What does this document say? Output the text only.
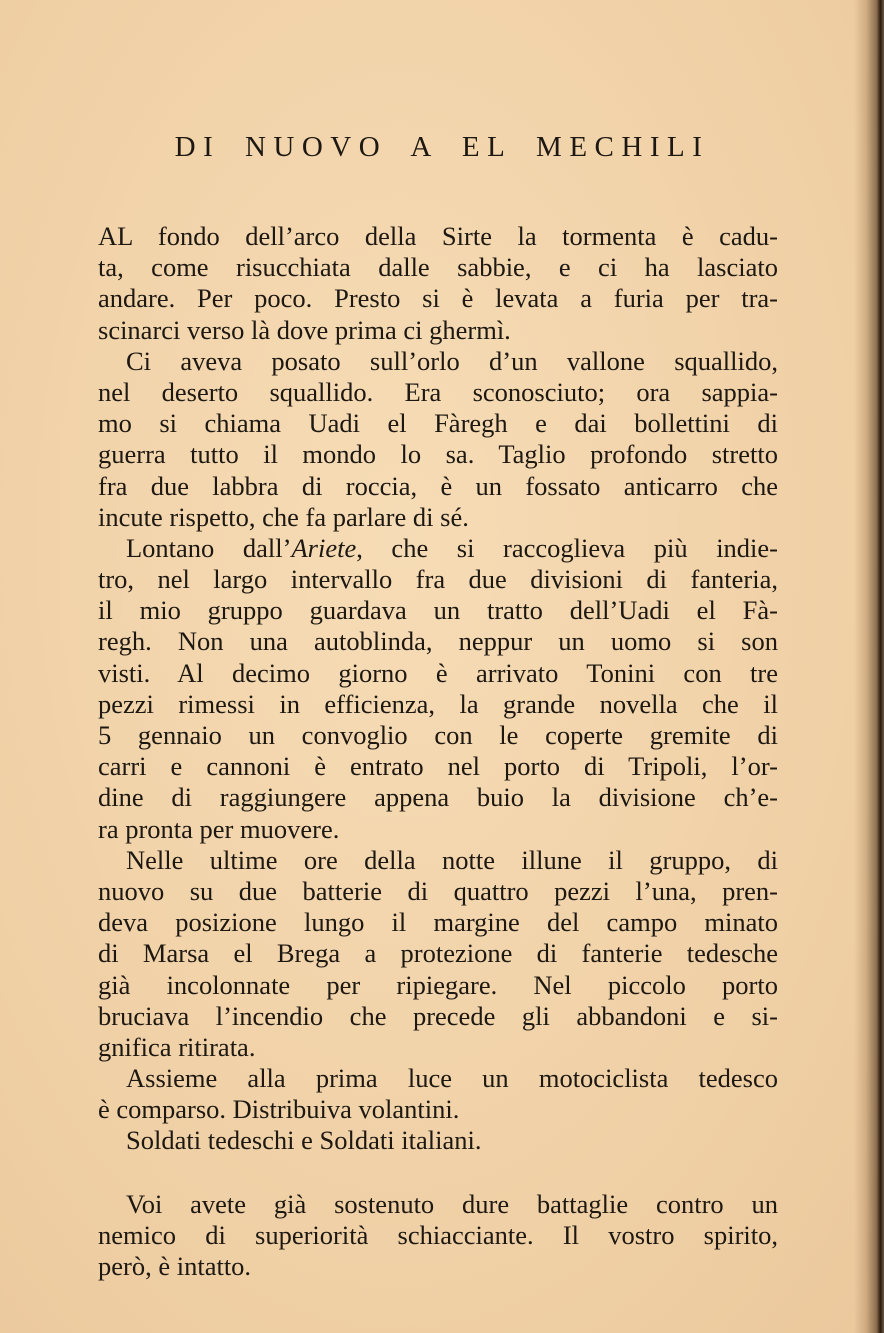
DI NUOVO A EL MECHILI
AL fondo dell’arco della Sirte la tormenta è cadu-
ta, come risucchiata dalle sabbie, e ci ha lasciato
andare. Per poco. Presto si è levata a furia per tra-
scinarci verso là dove prima ci ghermì.
Ci aveva posato sull’orlo d’un vallone squallido,
nel deserto squallido. Era sconosciuto; ora sappia-
mo si chiama Uadi el Fàregh e dai bollettini di
guerra tutto il mondo lo sa. Taglio profondo stretto
fra due labbra di roccia, è un fossato anticarro che
incute rispetto, che fa parlare di sé.
Lontano dall’Ariete, che si raccoglieva più indie-
tro, nel largo intervallo fra due divisioni di fanteria,
il mio gruppo guardava un tratto dell’Uadi el Fà-
regh. Non una autoblinda, neppur un uomo si son
visti. Al decimo giorno è arrivato Tonini con tre
pezzi rimessi in efficienza, la grande novella che il
5 gennaio un convoglio con le coperte gremite di
carri e cannoni è entrato nel porto di Tripoli, l’or-
dine di raggiungere appena buio la divisione ch’e-
ra pronta per muovere.
Nelle ultime ore della notte illune il gruppo, di
nuovo su due batterie di quattro pezzi l’una, pren-
deva posizione lungo il margine del campo minato
di Marsa el Brega a protezione di fanterie tedesche
già incolonnate per ripiegare. Nel piccolo porto
bruciava l’incendio che precede gli abbandoni e si-
gnifica ritirata.
Assieme alla prima luce un motociclista tedesco
è comparso. Distribuiva volantini.
Soldati tedeschi e Soldati italiani.
Voi avete già sostenuto dure battaglie contro un
nemico di superiorità schiacciante. Il vostro spirito,
però, è intatto.
